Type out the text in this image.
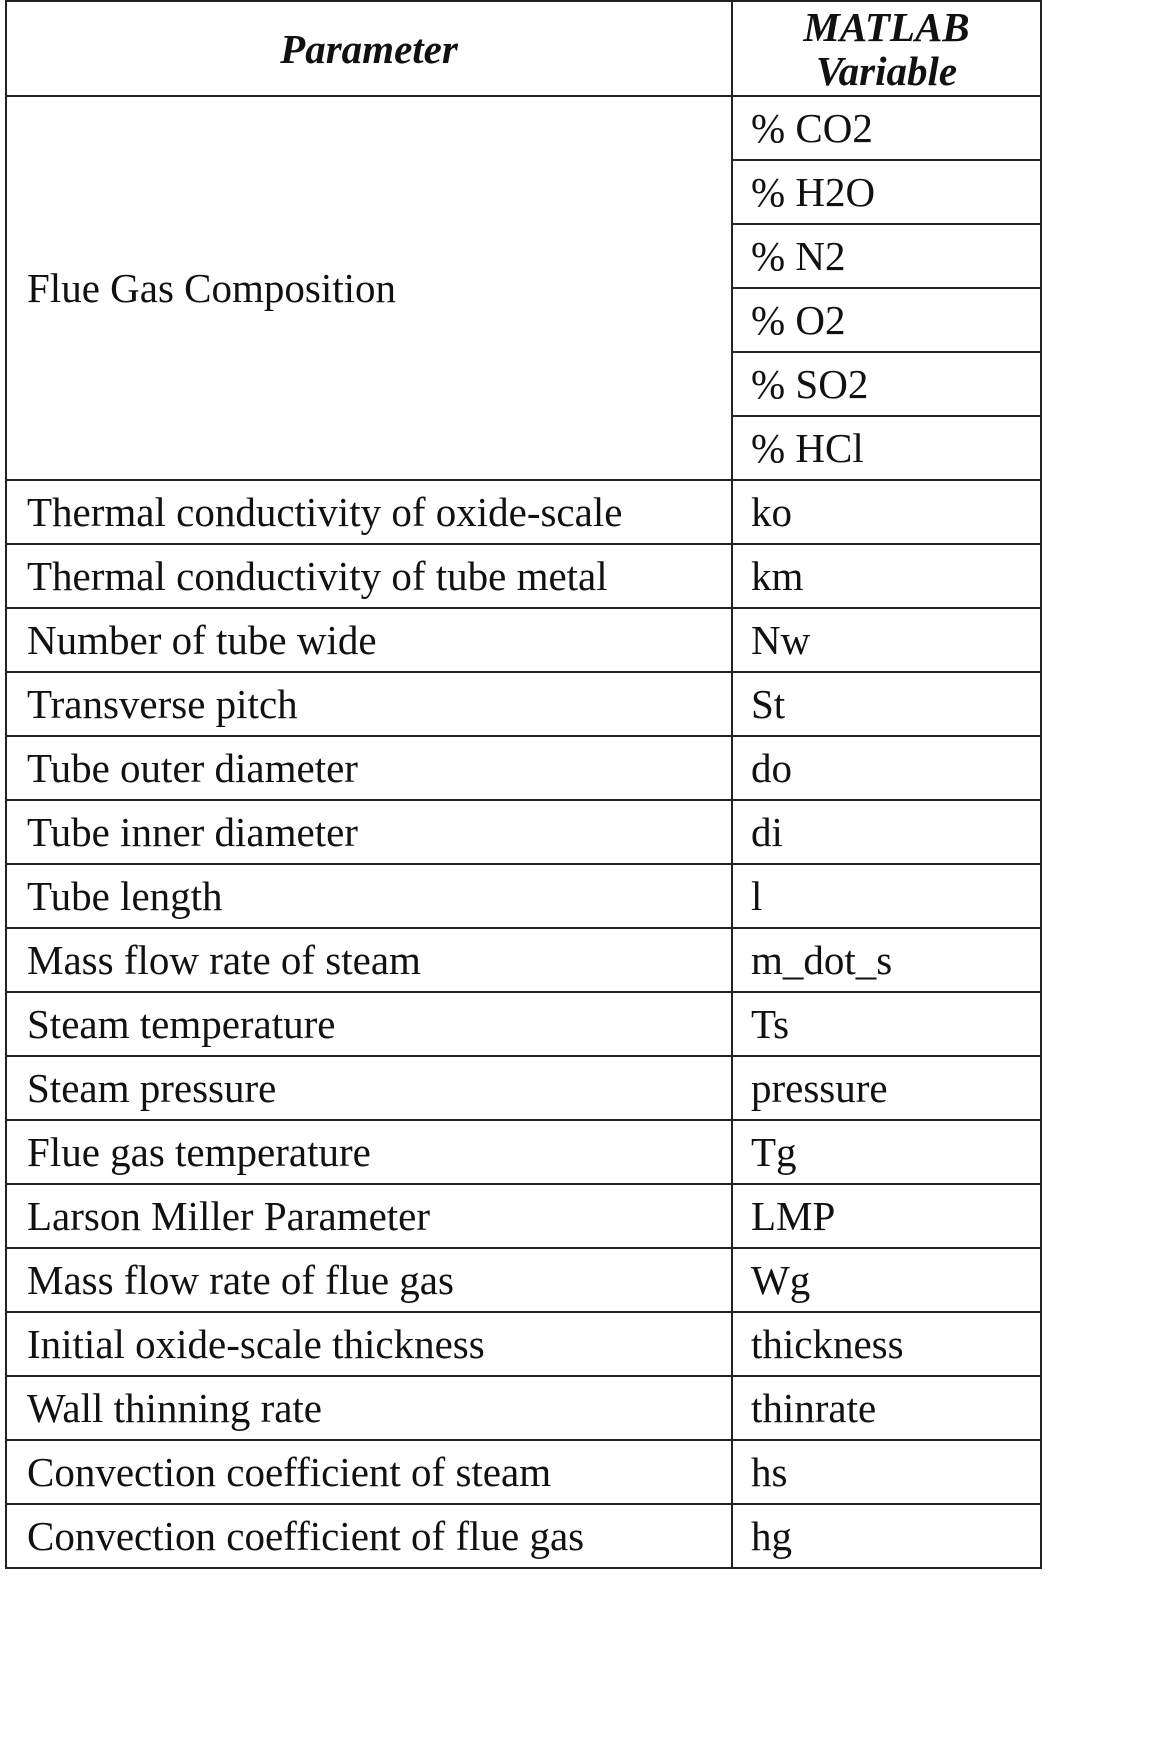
Parameter	MATLAB
Variable

Flue Gas Composition	% CO2
	% H2O
	% N2
	% O2
	% SO2
	% HCl
Thermal conductivity of oxide-scale	ko
Thermal conductivity of tube metal	km
Number of tube wide	Nw
Transverse pitch	St
Tube outer diameter	do
Tube inner diameter	di
Tube length	l
Mass flow rate of steam	m_dot_s
Steam temperature	Ts
Steam pressure	pressure
Flue gas temperature	Tg
Larson Miller Parameter	LMP
Mass flow rate of flue gas	Wg
Initial oxide-scale thickness	thickness
Wall thinning rate	thinrate
Convection coefficient of steam	hs
Convection coefficient of flue gas	hg
